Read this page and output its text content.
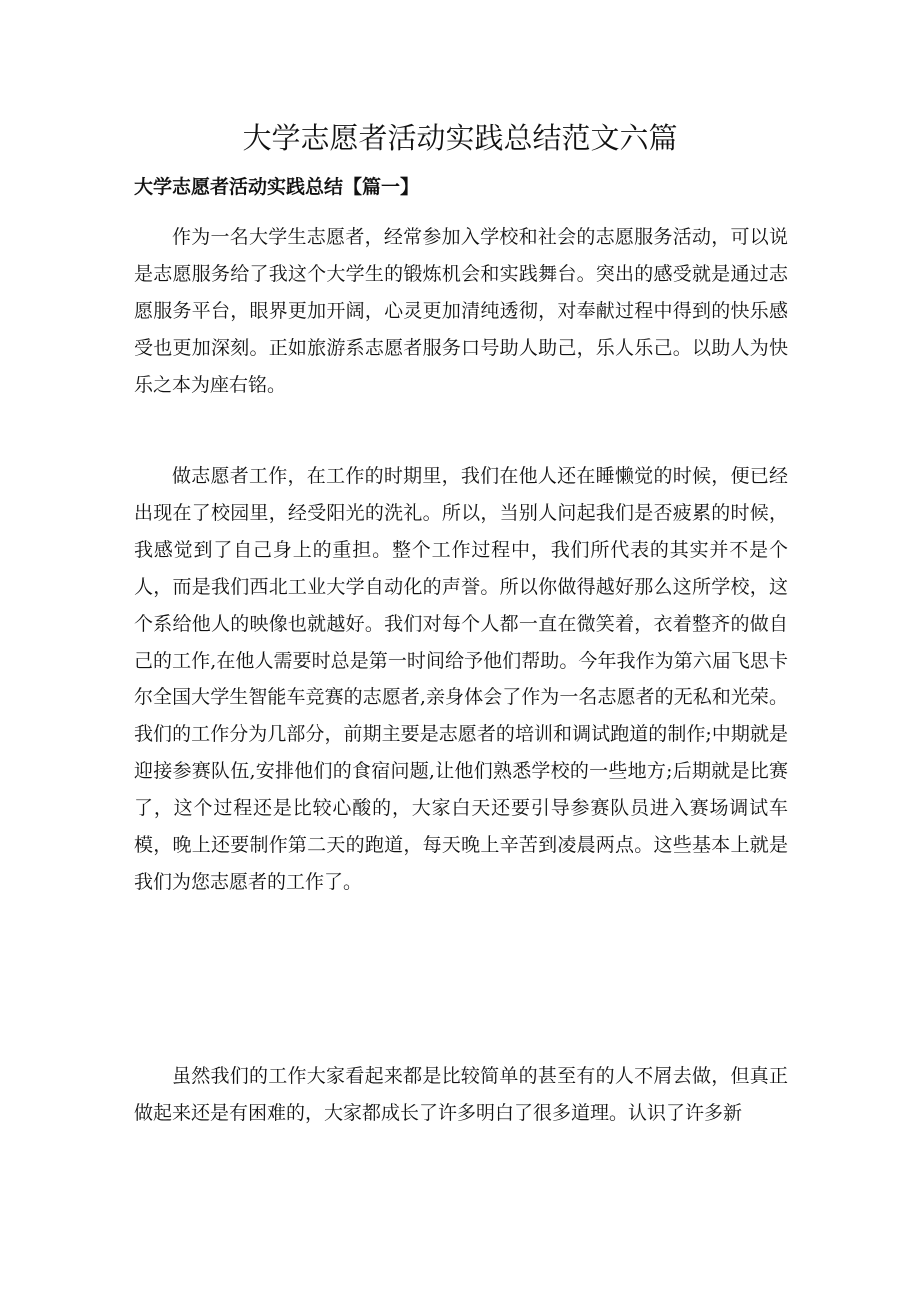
大学志愿者活动实践总结范文六篇
大学志愿者活动实践总结【篇一】

作为一名大学生志愿者，经常参加入学校和社会的志愿服务活动，可以说是志愿服务给了我这个大学生的锻炼机会和实践舞台。突出的感受就是通过志愿服务平台，眼界更加开阔，心灵更加清纯透彻，对奉献过程中得到的快乐感受也更加深刻。正如旅游系志愿者服务口号助人助己，乐人乐己。以助人为快乐之本为座右铭。

做志愿者工作，在工作的时期里，我们在他人还在睡懒觉的时候，便已经出现在了校园里，经受阳光的洗礼。所以，当别人问起我们是否疲累的时候，我感觉到了自己身上的重担。整个工作过程中，我们所代表的其实并不是个人，而是我们西北工业大学自动化的声誉。所以你做得越好那么这所学校，这个系给他人的映像也就越好。我们对每个人都一直在微笑着，衣着整齐的做自己的工作,在他人需要时总是第一时间给予他们帮助。今年我作为第六届飞思卡尔全国大学生智能车竞赛的志愿者,亲身体会了作为一名志愿者的无私和光荣。我们的工作分为几部分，前期主要是志愿者的培训和调试跑道的制作;中期就是迎接参赛队伍,安排他们的食宿问题,让他们熟悉学校的一些地方;后期就是比赛了，这个过程还是比较心酸的，大家白天还要引导参赛队员进入赛场调试车模，晚上还要制作第二天的跑道，每天晚上辛苦到凌晨两点。这些基本上就是我们为您志愿者的工作了。

虽然我们的工作大家看起来都是比较简单的甚至有的人不屑去做，但真正做起来还是有困难的，大家都成长了许多明白了很多道理。认识了许多新
